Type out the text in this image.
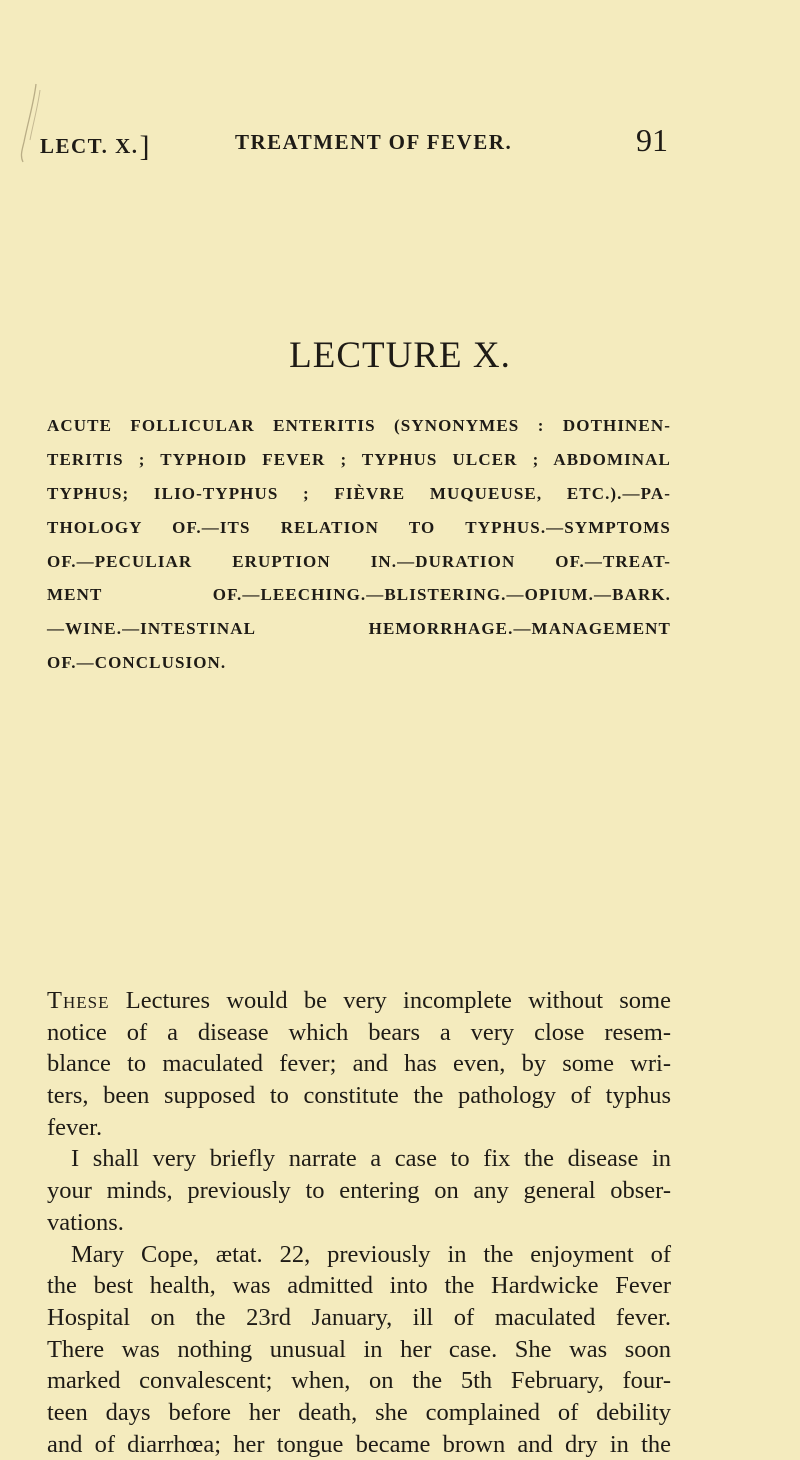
LECT. X.]	TREATMENT OF FEVER.	91
LECTURE X.
ACUTE FOLLICULAR ENTERITIS (SYNONYMES : DOTHINEN-
TERITIS ; TYPHOID FEVER ; TYPHUS ULCER ; ABDOMINAL
TYPHUS; ILIO-TYPHUS ; FIÈVRE MUQUEUSE, ETC.).—PA-
THOLOGY OF.—ITS RELATION TO TYPHUS.—SYMPTOMS
OF.—PECULIAR ERUPTION IN.—DURATION OF.—TREAT-
MENT OF.—LEECHING.—BLISTERING.—OPIUM.—BARK.
—WINE.—INTESTINAL HEMORRHAGE.—MANAGEMENT
OF.—CONCLUSION.
These Lectures would be very incomplete without some
notice of a disease which bears a very close resem-
blance to maculated fever; and has even, by some wri-
ters, been supposed to constitute the pathology of typhus
fever.
I shall very briefly narrate a case to fix the disease in
your minds, previously to entering on any general obser-
vations.
Mary Cope, ætat. 22, previously in the enjoyment of
the best health, was admitted into the Hardwicke Fever
Hospital on the 23rd January, ill of maculated fever.
There was nothing unusual in her case. She was soon
marked convalescent; when, on the 5th February, four-
teen days before her death, she complained of debility
and of diarrhœa; her tongue became brown and dry in the
